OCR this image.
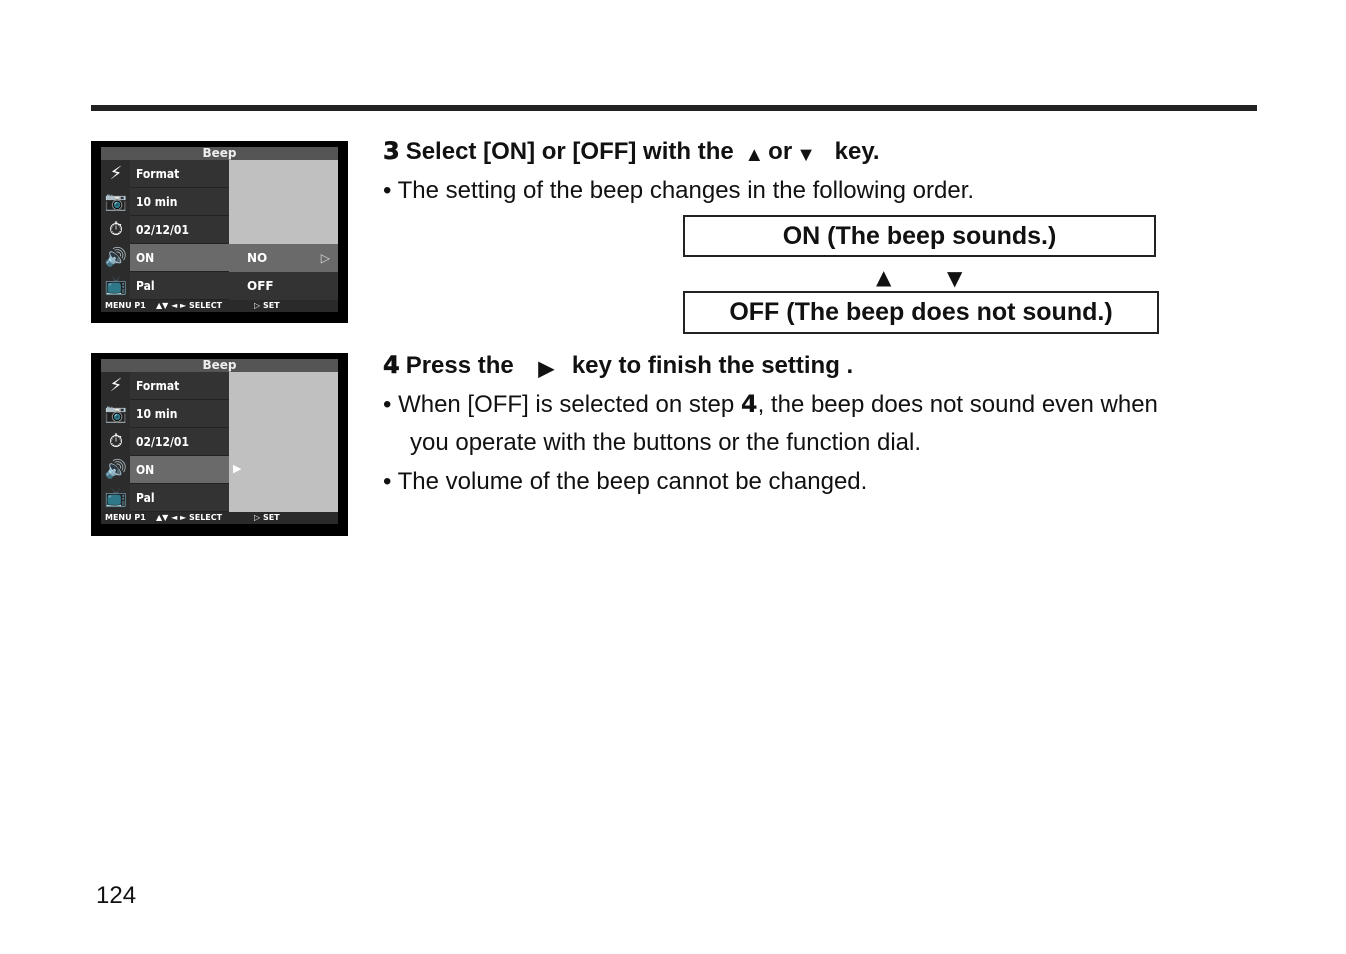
Beep
⚡
📷
⏱
🔊
📺
Format
10 min
02/12/01
ON
Pal
NO	▷
OFF
MENU P1 ▲▼ ◄ ► SELECT	▷ SET
Beep
⚡
📷
⏱
🔊
📺
Format
10 min
02/12/01
ON
Pal
▶
MENU P1 ▲▼ ◄ ► SELECT	▷ SET
3 Select [ON] or [OFF] with the ▲ or ▼ key.
• The setting of the beep changes in the following order.
ON (The beep sounds.)
▲	▼
OFF (The beep does not sound.)
4 Press the ▶ key to finish the setting .
• When [OFF] is selected on step 4, the beep does not sound even when
you operate with the buttons or the function dial.
• The volume of the beep cannot be changed.
124
